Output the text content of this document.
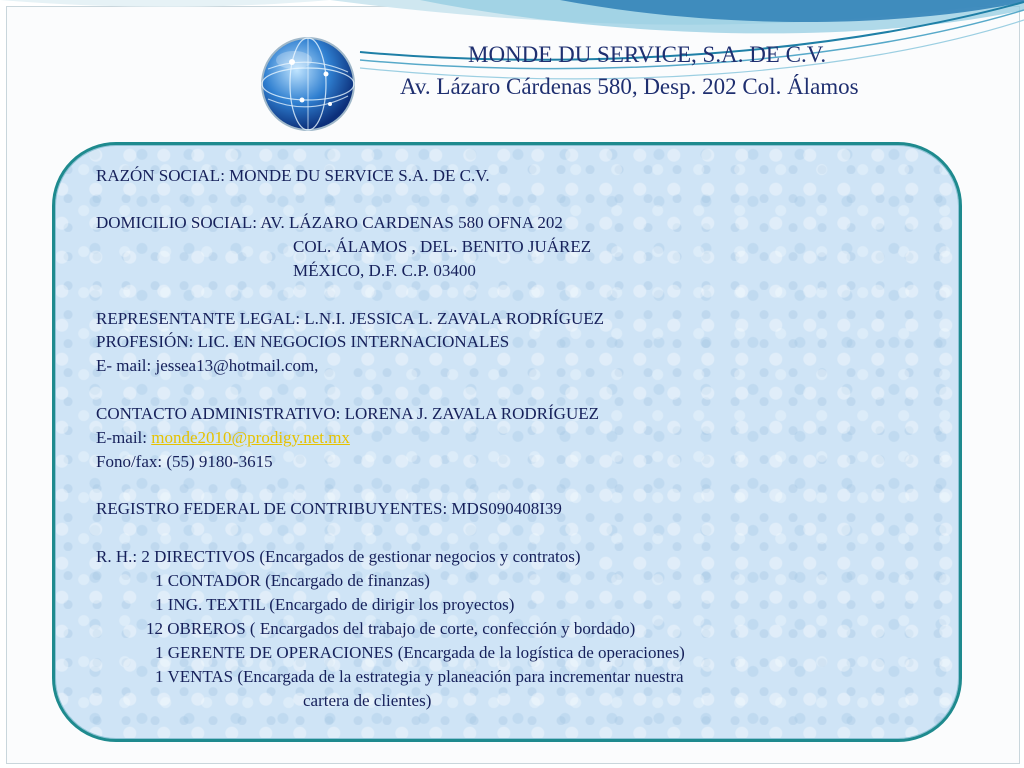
MONDE DU SERVICE, S.A. DE C.V.
Av. Lázaro Cárdenas 580, Desp. 202 Col. Álamos
RAZÓN SOCIAL: MONDE DU SERVICE S.A. DE C.V.
DOMICILIO SOCIAL: AV. LÁZARO CARDENAS 580 OFNA 202
COL. ÁLAMOS , DEL. BENITO JUÁREZ
MÉXICO, D.F. C.P. 03400
REPRESENTANTE LEGAL: L.N.I. JESSICA L. ZAVALA RODRÍGUEZ
PROFESIÓN: LIC. EN NEGOCIOS INTERNACIONALES
E- mail: jessea13@hotmail.com,
CONTACTO ADMINISTRATIVO: LORENA J. ZAVALA RODRÍGUEZ
E-mail: monde2010@prodigy.net.mx
Fono/fax: (55) 9180-3615
REGISTRO FEDERAL DE CONTRIBUYENTES: MDS090408I39
R. H.: 2 DIRECTIVOS (Encargados de gestionar negocios y contratos)
1 CONTADOR (Encargado de finanzas)
1 ING. TEXTIL (Encargado de dirigir los proyectos)
12 OBREROS ( Encargados del trabajo de corte, confección y bordado)
1 GERENTE DE OPERACIONES (Encargada de la logística de operaciones)
1 VENTAS (Encargada de la estrategia y planeación para incrementar nuestra
cartera de clientes)
